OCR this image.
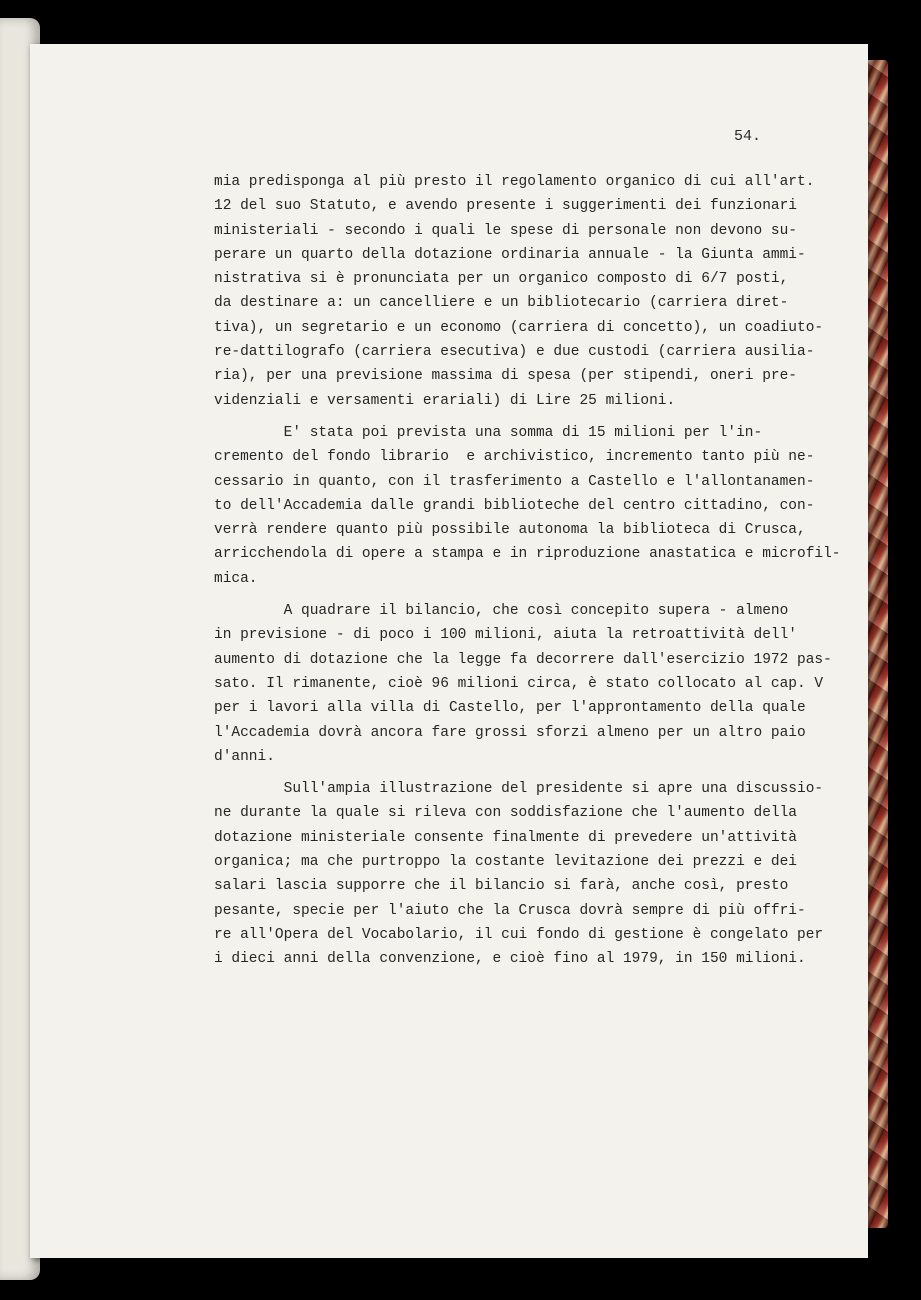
54.
mia predisponga al più presto il regolamento organico di cui all'art.
12 del suo Statuto, e avendo presente i suggerimenti dei funzionari
ministeriali - secondo i quali le spese di personale non devono su-
perare un quarto della dotazione ordinaria annuale - la Giunta ammi-
nistrativa si è pronunciata per un organico composto di 6/7 posti,
da destinare a: un cancelliere e un bibliotecario (carriera diret-
tiva), un segretario e un economo (carriera di concetto), un coadiuto-
re-dattilografo (carriera esecutiva) e due custodi (carriera ausilia-
ria), per una previsione massima di spesa (per stipendi, oneri pre-
videnziali e versamenti erariali) di Lire 25 milioni.
E' stata poi prevista una somma di 15 milioni per l'in-
cremento del fondo librario  e archivistico, incremento tanto più ne-
cessario in quanto, con il trasferimento a Castello e l'allontanamen-
to dell'Accademia dalle grandi biblioteche del centro cittadino, con-
verrà rendere quanto più possibile autonoma la biblioteca di Crusca,
arricchendola di opere a stampa e in riproduzione anastatica e microfil-
mica.
A quadrare il bilancio, che così concepito supera - almeno
in previsione - di poco i 100 milioni, aiuta la retroattività dell'
aumento di dotazione che la legge fa decorrere dall'esercizio 1972 pas-
sato. Il rimanente, cioè 96 milioni circa, è stato collocato al cap. V
per i lavori alla villa di Castello, per l'approntamento della quale
l'Accademia dovrà ancora fare grossi sforzi almeno per un altro paio
d'anni.
Sull'ampia illustrazione del presidente si apre una discussio-
ne durante la quale si rileva con soddisfazione che l'aumento della
dotazione ministeriale consente finalmente di prevedere un'attività
organica; ma che purtroppo la costante levitazione dei prezzi e dei
salari lascia supporre che il bilancio si farà, anche così, presto
pesante, specie per l'aiuto che la Crusca dovrà sempre di più offri-
re all'Opera del Vocabolario, il cui fondo di gestione è congelato per
i dieci anni della convenzione, e cioè fino al 1979, in 150 milioni.
